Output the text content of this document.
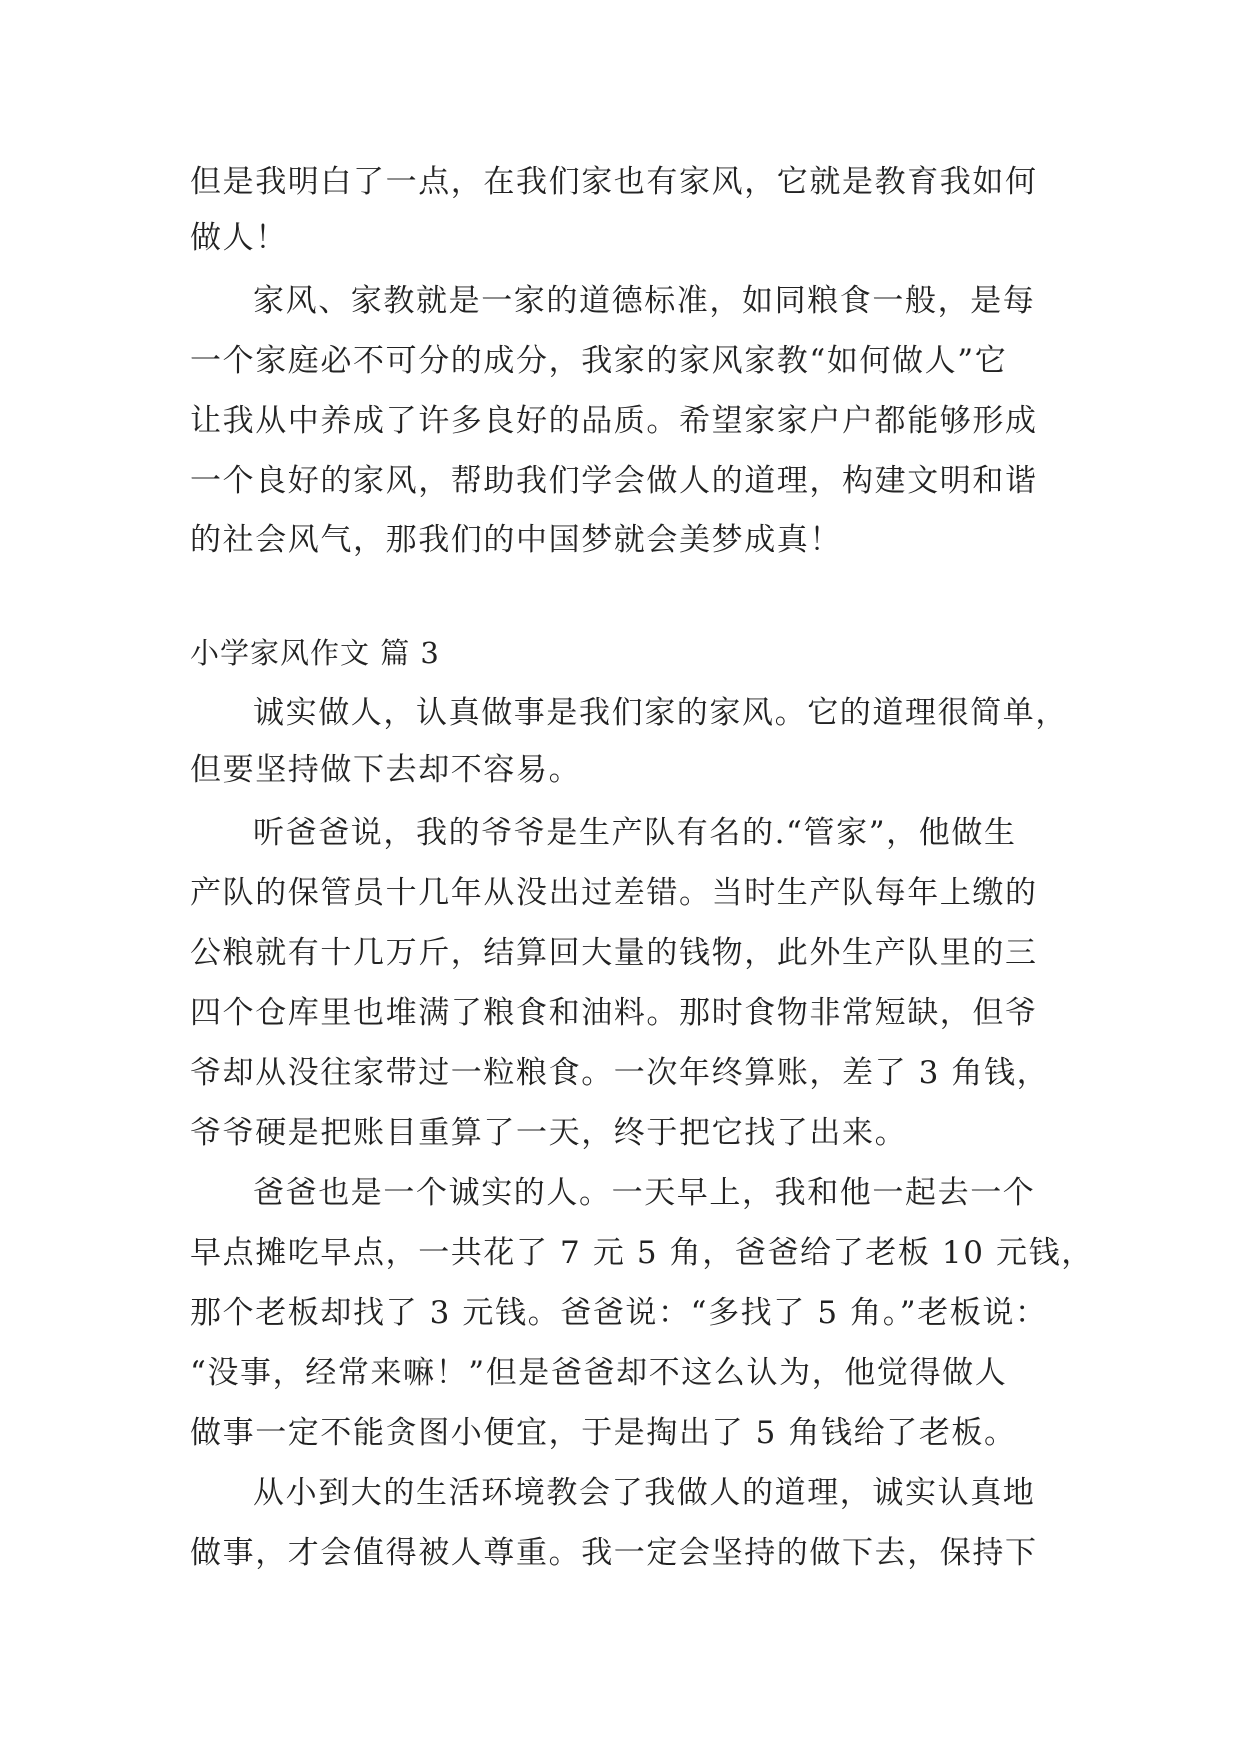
但是我明白了一点，在我们家也有家风，它就是教育我如何
做人！
家风、家教就是一家的道德标准，如同粮食一般，是每
一个家庭必不可分的成分，我家的家风家教“如何做人”它
让我从中养成了许多良好的品质。希望家家户户都能够形成
一个良好的家风，帮助我们学会做人的道理，构建文明和谐
的社会风气，那我们的中国梦就会美梦成真！
小学家风作文 篇 3
诚实做人，认真做事是我们家的家风。它的道理很简单，
但要坚持做下去却不容易。
听爸爸说，我的爷爷是生产队有名的.“管家”，他做生
产队的保管员十几年从没出过差错。当时生产队每年上缴的
公粮就有十几万斤，结算回大量的钱物，此外生产队里的三
四个仓库里也堆满了粮食和油料。那时食物非常短缺，但爷
爷却从没往家带过一粒粮食。一次年终算账，差了 3 角钱，
爷爷硬是把账目重算了一天，终于把它找了出来。
爸爸也是一个诚实的人。一天早上，我和他一起去一个
早点摊吃早点，一共花了 7 元 5 角，爸爸给了老板 10 元钱，
那个老板却找了 3 元钱。爸爸说：“多找了 5 角。”老板说：
“没事，经常来嘛！”但是爸爸却不这么认为，他觉得做人
做事一定不能贪图小便宜，于是掏出了 5 角钱给了老板。
从小到大的生活环境教会了我做人的道理，诚实认真地
做事，才会值得被人尊重。我一定会坚持的做下去，保持下
